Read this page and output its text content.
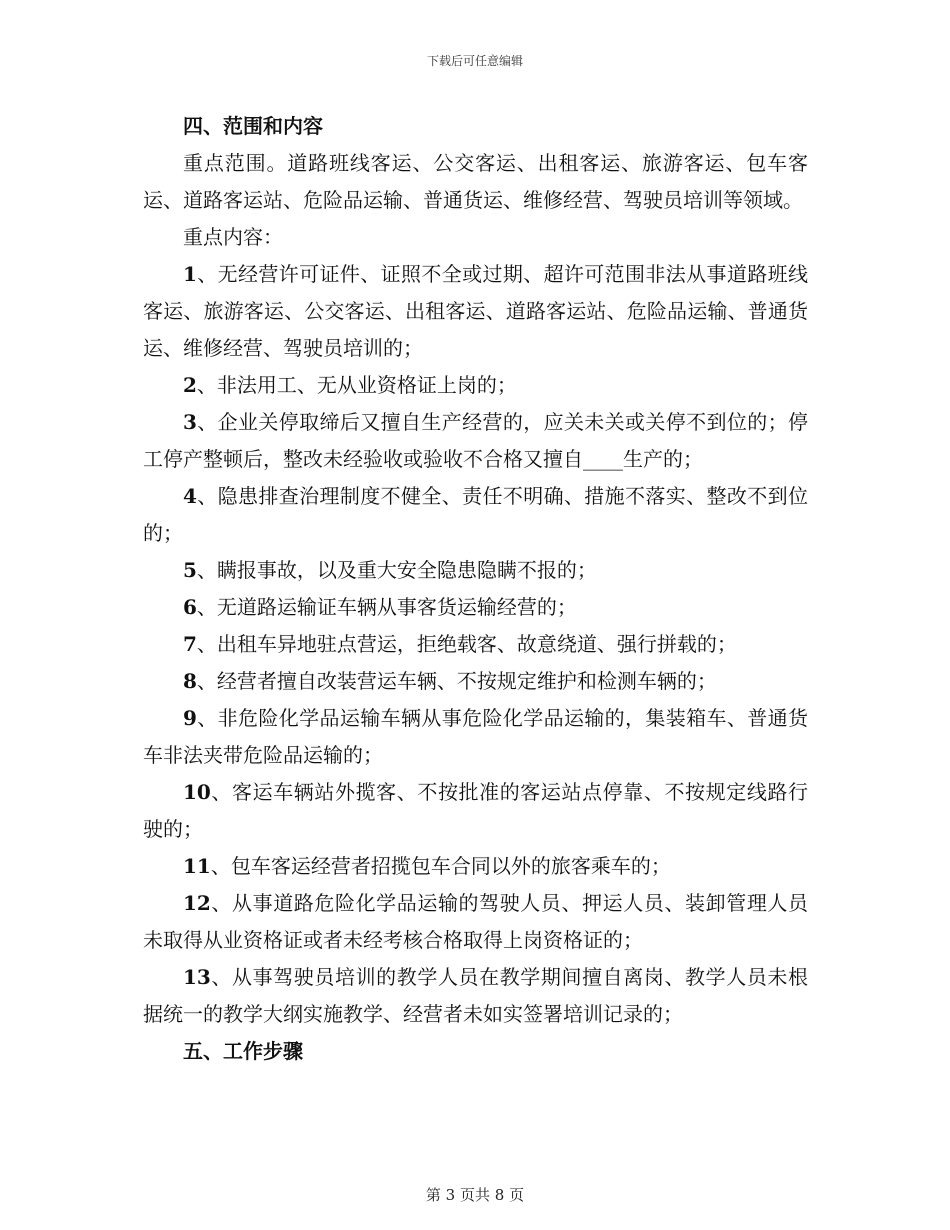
下载后可任意编辑

四、范围和内容

重点范围。道路班线客运、公交客运、出租客运、旅游客运、包车客运、道路客运站、危险品运输、普通货运、维修经营、驾驶员培训等领域。

重点内容：

1、无经营许可证件、证照不全或过期、超许可范围非法从事道路班线客运、旅游客运、公交客运、出租客运、道路客运站、危险品运输、普通货运、维修经营、驾驶员培训的；

2、非法用工、无从业资格证上岗的；

3、企业关停取缔后又擅自生产经营的，应关未关或关停不到位的；停工停产整顿后，整改未经验收或验收不合格又擅自____生产的；

4、隐患排查治理制度不健全、责任不明确、措施不落实、整改不到位的；

5、瞒报事故，以及重大安全隐患隐瞒不报的；

6、无道路运输证车辆从事客货运输经营的；

7、出租车异地驻点营运，拒绝载客、故意绕道、强行拼载的；

8、经营者擅自改装营运车辆、不按规定维护和检测车辆的；

9、非危险化学品运输车辆从事危险化学品运输的，集装箱车、普通货车非法夹带危险品运输的；

10、客运车辆站外揽客、不按批准的客运站点停靠、不按规定线路行驶的；

11、包车客运经营者招揽包车合同以外的旅客乘车的；

12、从事道路危险化学品运输的驾驶人员、押运人员、装卸管理人员未取得从业资格证或者未经考核合格取得上岗资格证的；

13、从事驾驶员培训的教学人员在教学期间擅自离岗、教学人员未根据统一的教学大纲实施教学、经营者未如实签署培训记录的；

五、工作步骤

第 3 页共 8 页
